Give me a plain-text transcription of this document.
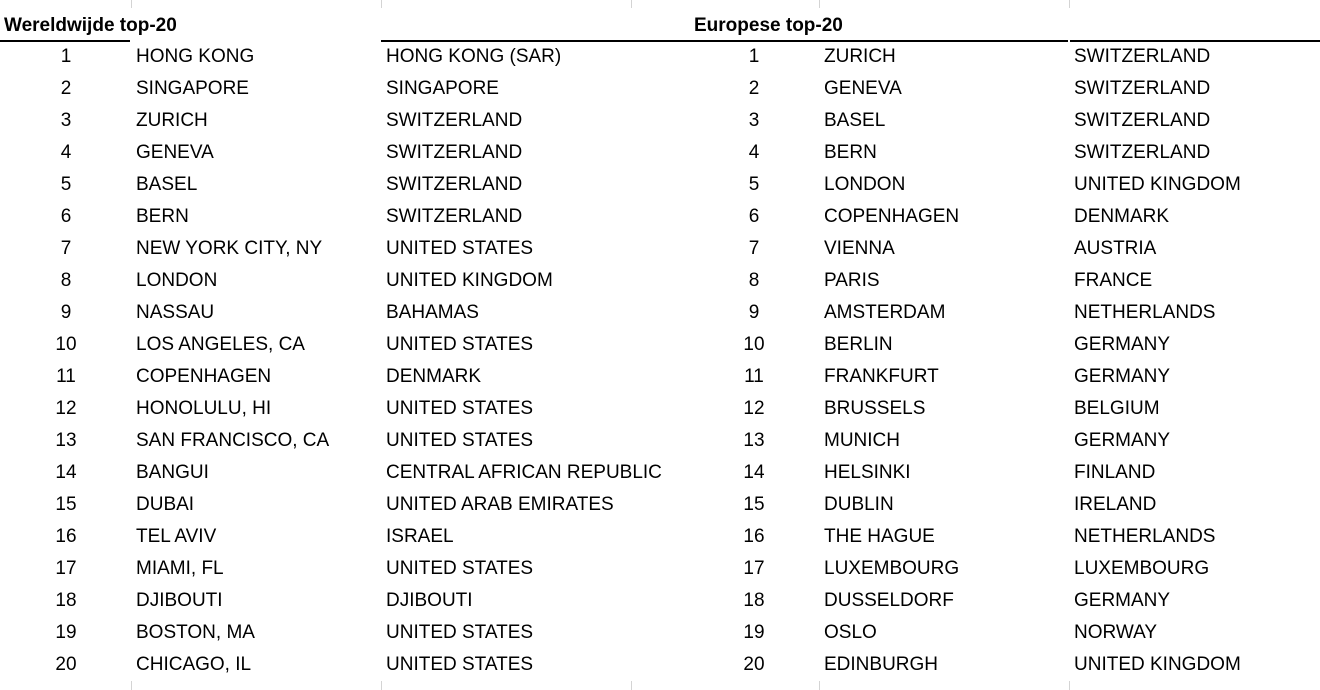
Wereldwijde top-20	Europese top-20
1	HONG KONG	HONG KONG (SAR)	1	ZURICH	SWITZERLAND
2	SINGAPORE	SINGAPORE	2	GENEVA	SWITZERLAND
3	ZURICH	SWITZERLAND	3	BASEL	SWITZERLAND
4	GENEVA	SWITZERLAND	4	BERN	SWITZERLAND
5	BASEL	SWITZERLAND	5	LONDON	UNITED KINGDOM
6	BERN	SWITZERLAND	6	COPENHAGEN	DENMARK
7	NEW YORK CITY, NY	UNITED STATES	7	VIENNA	AUSTRIA
8	LONDON	UNITED KINGDOM	8	PARIS	FRANCE
9	NASSAU	BAHAMAS	9	AMSTERDAM	NETHERLANDS
10	LOS ANGELES, CA	UNITED STATES	10	BERLIN	GERMANY
11	COPENHAGEN	DENMARK	11	FRANKFURT	GERMANY
12	HONOLULU, HI	UNITED STATES	12	BRUSSELS	BELGIUM
13	SAN FRANCISCO, CA	UNITED STATES	13	MUNICH	GERMANY
14	BANGUI	CENTRAL AFRICAN REPUBLIC	14	HELSINKI	FINLAND
15	DUBAI	UNITED ARAB EMIRATES	15	DUBLIN	IRELAND
16	TEL AVIV	ISRAEL	16	THE HAGUE	NETHERLANDS
17	MIAMI, FL	UNITED STATES	17	LUXEMBOURG	LUXEMBOURG
18	DJIBOUTI	DJIBOUTI	18	DUSSELDORF	GERMANY
19	BOSTON, MA	UNITED STATES	19	OSLO	NORWAY
20	CHICAGO, IL	UNITED STATES	20	EDINBURGH	UNITED KINGDOM
